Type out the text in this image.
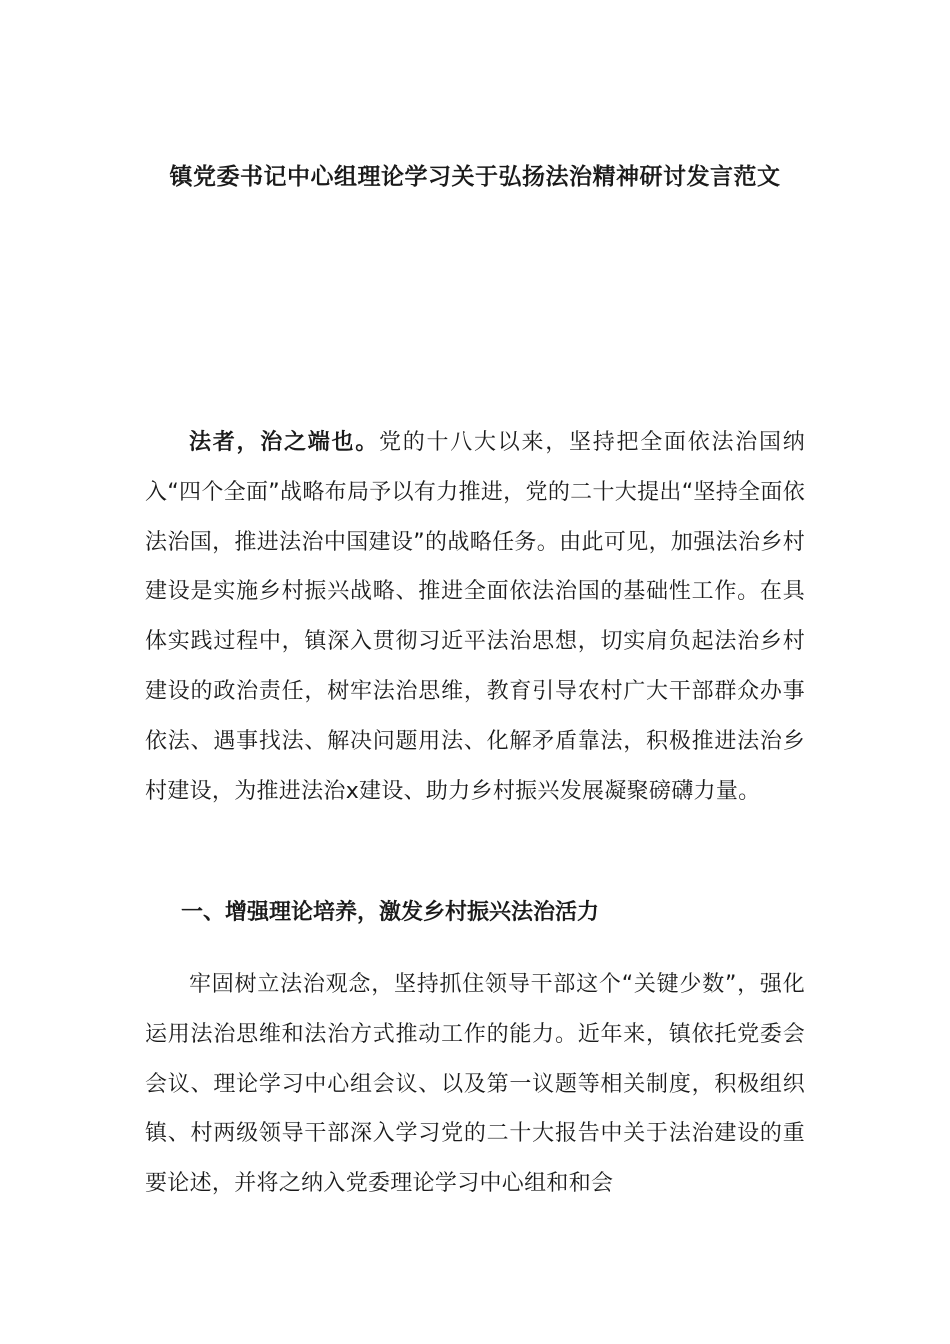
镇党委书记中心组理论学习关于弘扬法治精神研讨发言范文
法者，治之端也。党的十八大以来，坚持把全面依法治国纳入“四个全面”战略布局予以有力推进，党的二十大提出“坚持全面依法治国，推进法治中国建设”的战略任务。由此可见，加强法治乡村建设是实施乡村振兴战略、推进全面依法治国的基础性工作。在具体实践过程中，镇深入贯彻习近平法治思想，切实肩负起法治乡村建设的政治责任，树牢法治思维，教育引导农村广大干部群众办事依法、遇事找法、解决问题用法、化解矛盾靠法，积极推进法治乡村建设，为推进法治x建设、助力乡村振兴发展凝聚磅礴力量。
一、增强理论培养，激发乡村振兴法治活力
牢固树立法治观念，坚持抓住领导干部这个“关键少数”，强化运用法治思维和法治方式推动工作的能力。近年来，镇依托党委会会议、理论学习中心组会议、以及第一议题等相关制度，积极组织镇、村两级领导干部深入学习党的二十大报告中关于法治建设的重要论述，并将之纳入党委理论学习中心组和和会
